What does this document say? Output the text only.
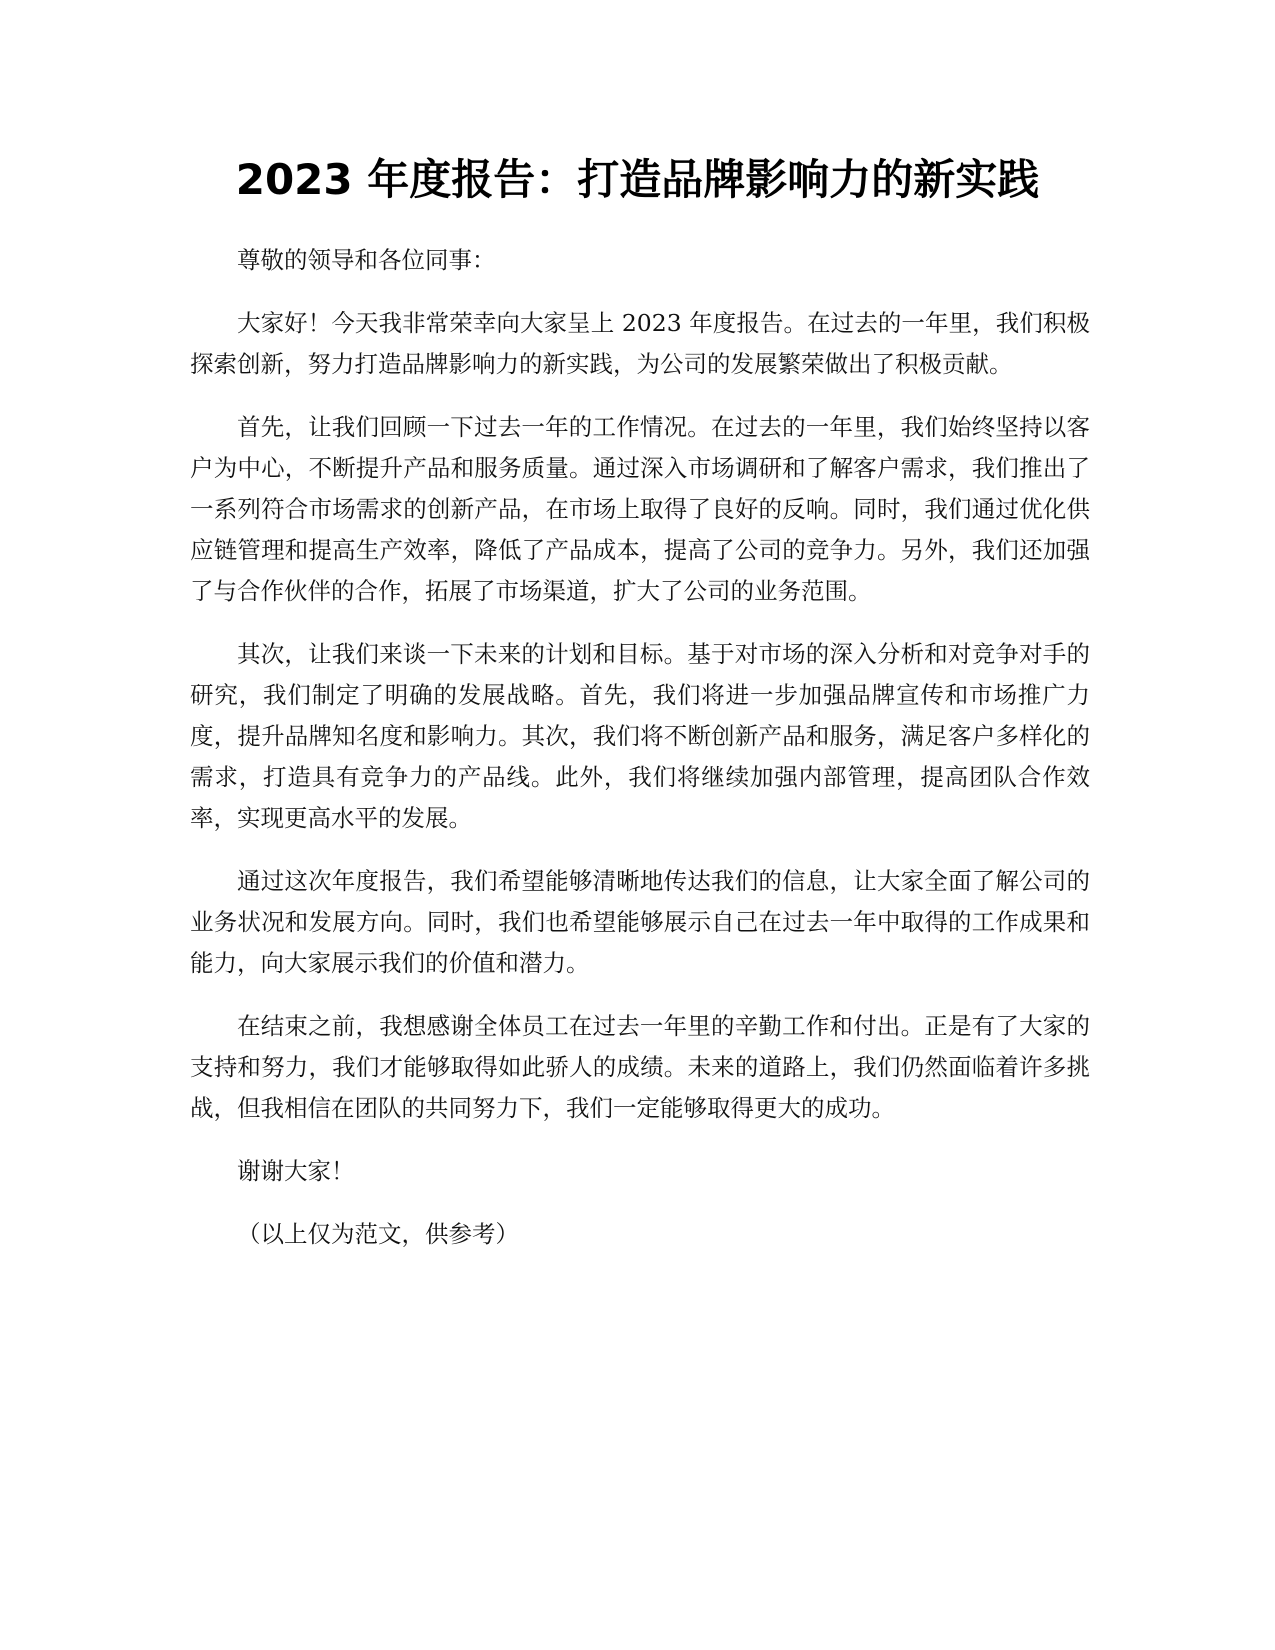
2023 年度报告：打造品牌影响力的新实践

尊敬的领导和各位同事：

大家好！今天我非常荣幸向大家呈上 2023 年度报告。在过去的一年里，我们积极探索创新，努力打造品牌影响力的新实践，为公司的发展繁荣做出了积极贡献。

首先，让我们回顾一下过去一年的工作情况。在过去的一年里，我们始终坚持以客户为中心，不断提升产品和服务质量。通过深入市场调研和了解客户需求，我们推出了一系列符合市场需求的创新产品，在市场上取得了良好的反响。同时，我们通过优化供应链管理和提高生产效率，降低了产品成本，提高了公司的竞争力。另外，我们还加强了与合作伙伴的合作，拓展了市场渠道，扩大了公司的业务范围。

其次，让我们来谈一下未来的计划和目标。基于对市场的深入分析和对竞争对手的研究，我们制定了明确的发展战略。首先，我们将进一步加强品牌宣传和市场推广力度，提升品牌知名度和影响力。其次，我们将不断创新产品和服务，满足客户多样化的需求，打造具有竞争力的产品线。此外，我们将继续加强内部管理，提高团队合作效率，实现更高水平的发展。

通过这次年度报告，我们希望能够清晰地传达我们的信息，让大家全面了解公司的业务状况和发展方向。同时，我们也希望能够展示自己在过去一年中取得的工作成果和能力，向大家展示我们的价值和潜力。

在结束之前，我想感谢全体员工在过去一年里的辛勤工作和付出。正是有了大家的支持和努力，我们才能够取得如此骄人的成绩。未来的道路上，我们仍然面临着许多挑战，但我相信在团队的共同努力下，我们一定能够取得更大的成功。

谢谢大家！

（以上仅为范文，供参考）
